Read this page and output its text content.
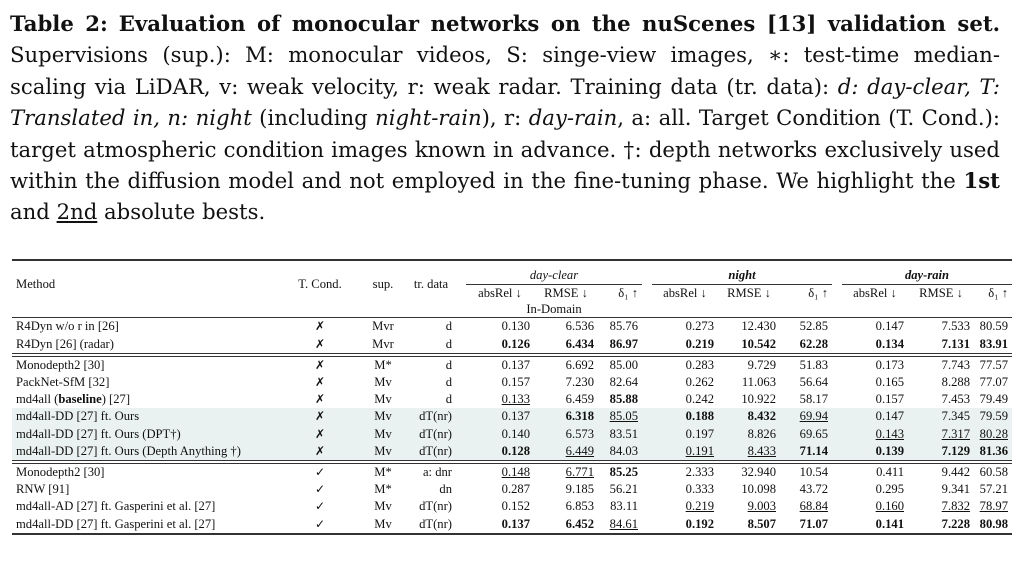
Table 2: Evaluation of monocular networks on the nuScenes [13] validation set. Supervisions (sup.): M: monocular videos, S: singe-view images, ∗: test-time median-scaling via LiDAR, v: weak velocity, r: weak radar. Training data (tr. data): d: day-clear, T: Translated in, n: night (including night-rain), r: day-rain, a: all. Target Condition (T. Cond.): target atmospheric condition images known in advance. †: depth networks exclusively used within the diffusion model and not employed in the fine-tuning phase. We highlight the 1st and 2nd absolute bests.

Method	T. Cond.	sup.	tr. data		day-clear				night				day-rain		
					absRel ↓	RMSE ↓	δ₁ ↑		absRel ↓	RMSE ↓	δ₁ ↑		absRel ↓	RMSE ↓	δ₁ ↑
					In-Domain										

R4Dyn w/o r in [26]	✗	Mvr	d		0.130	6.536	85.76		0.273	12.430	52.85		0.147	7.533	80.59
R4Dyn [26] (radar)	✗	Mvr	d		0.126	6.434	86.97		0.219	10.542	62.28		0.134	7.131	83.91

Monodepth2 [30]	✗	M*	d		0.137	6.692	85.00		0.283	9.729	51.83		0.173	7.743	77.57
PackNet-SfM [32]	✗	Mv	d		0.157	7.230	82.64		0.262	11.063	56.64		0.165	8.288	77.07
md4all (baseline) [27]	✗	Mv	d		0.133	6.459	85.88		0.242	10.922	58.17		0.157	7.453	79.49
md4all-DD [27] ft. Ours	✗	Mv	dT(nr)		0.137	6.318	85.05		0.188	8.432	69.94		0.147	7.345	79.59
md4all-DD [27] ft. Ours (DPT†)	✗	Mv	dT(nr)		0.140	6.573	83.51		0.197	8.826	69.65		0.143	7.317	80.28
md4all-DD [27] ft. Ours (Depth Anything †)	✗	Mv	dT(nr)		0.128	6.449	84.03		0.191	8.433	71.14		0.139	7.129	81.36

Monodepth2 [30]	✓	M*	a: dnr		0.148	6.771	85.25		2.333	32.940	10.54		0.411	9.442	60.58
RNW [91]	✓	M*	dn		0.287	9.185	56.21		0.333	10.098	43.72		0.295	9.341	57.21
md4all-AD [27] ft. Gasperini et al. [27]	✓	Mv	dT(nr)		0.152	6.853	83.11		0.219	9.003	68.84		0.160	7.832	78.97
md4all-DD [27] ft. Gasperini et al. [27]	✓	Mv	dT(nr)		0.137	6.452	84.61		0.192	8.507	71.07		0.141	7.228	80.98
